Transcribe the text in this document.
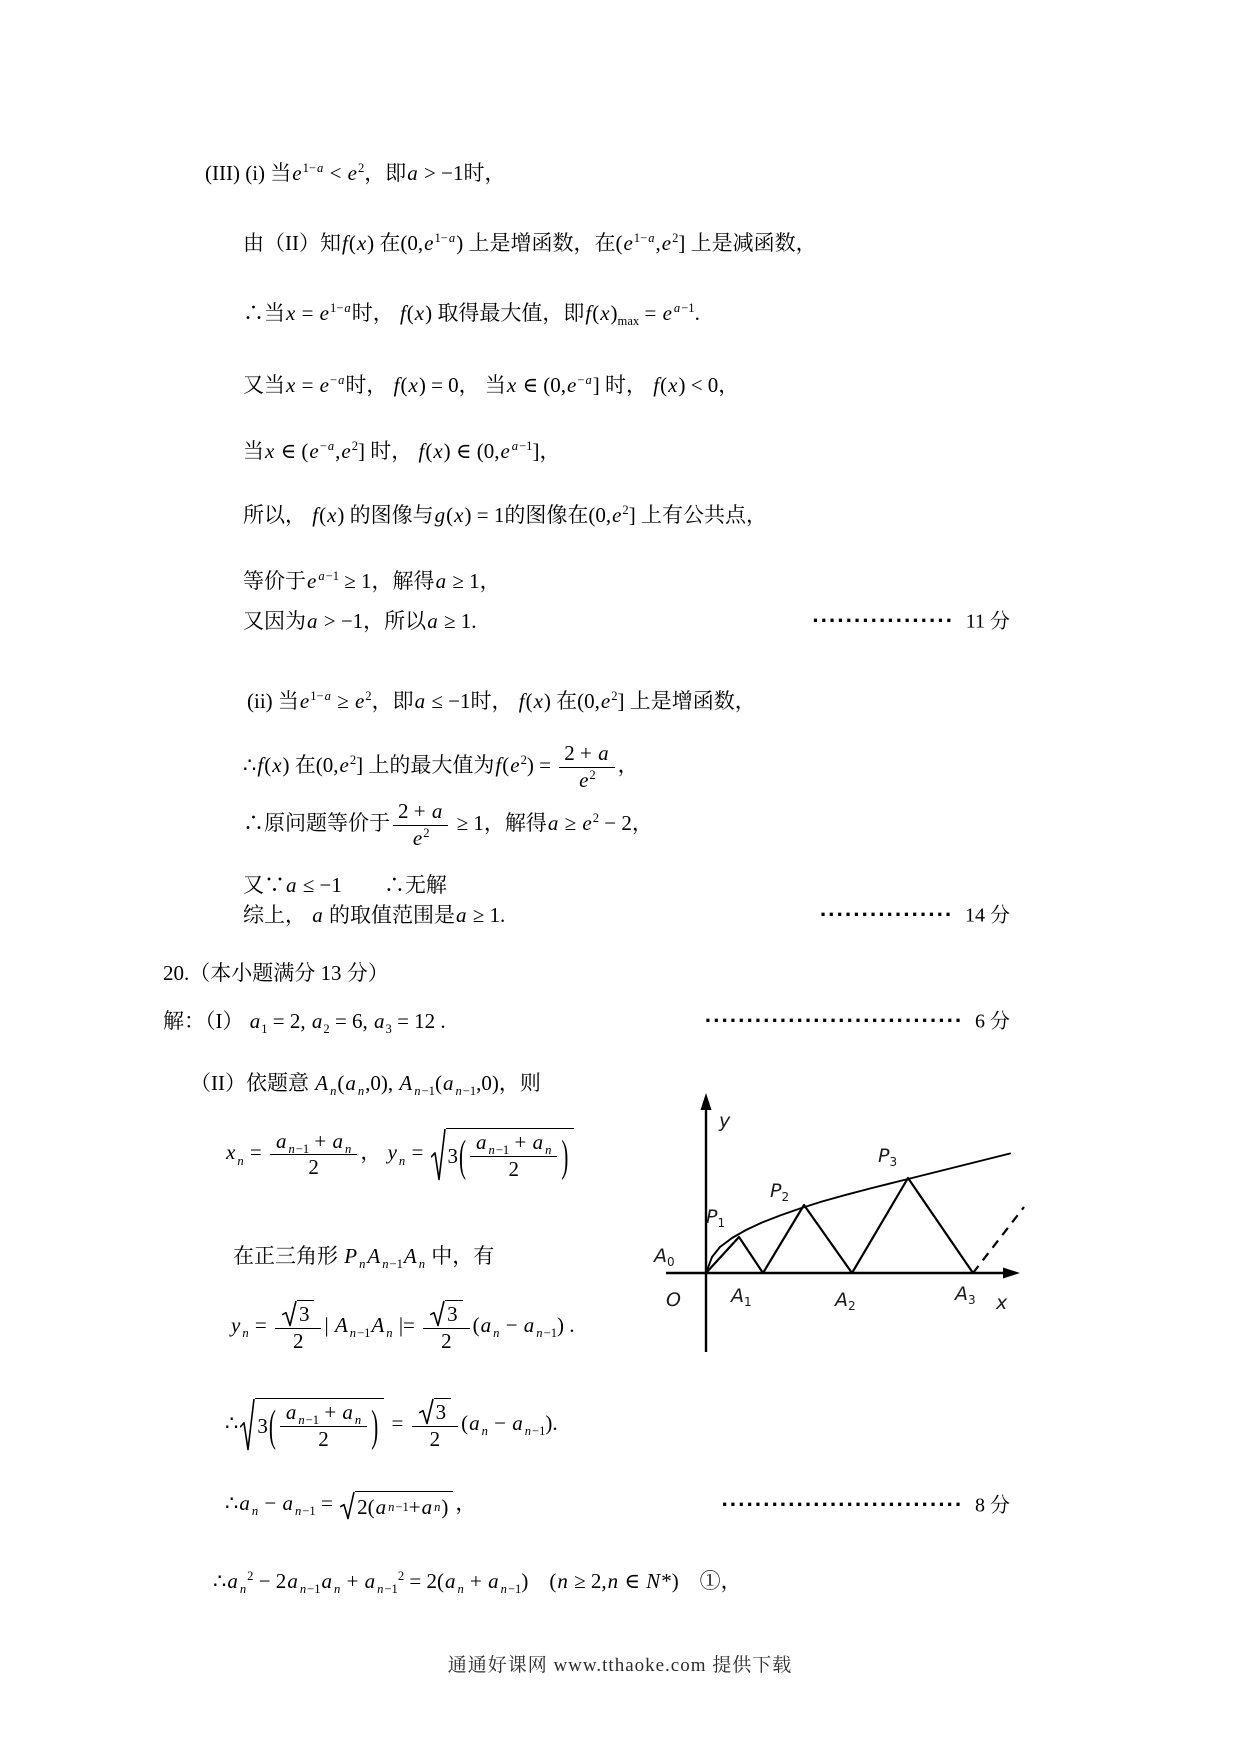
(III) (i) 当$e^{1-a} < e^2$，即a > −1时，
由（II）知f(x) 在$(0,e^{1-a})$ 上是增函数，在$(e^{1-a},e^2]$ 上是减函数，
∴当$x = e^{1-a}$时， f(x) 取得最大值，即$f(x)_{max} = e$ $^{a-1}$.
又当$x = e^{-a}$时， f(x) = 0， 当x ∈ $(0,e^{-a}]$ 时， f(x) < 0，
当x ∈ $(e^{-a},e^2]$ 时， f(x) ∈ (0,e $^{a-1}$]，
所以， f(x) 的图像与g(x) = 1的图像在$(0,e^2]$ 上有公共点，
等价于e $^{a-1}$ ≥ 1，解得a ≥ 1，
又因为a > −1，所以a ≥ 1.	················· 11 分
(ii) 当$e^{1-a} \ge e^2$，即a ≤ −1时， f(x) 在$(0,e^2]$ 上是增函数，
∴f(x) 在$(0,e^2]$ 上的最大值为$f(e^2) = \frac{2 + a}{e^2}$ ，
∴原问题等价于 $\frac{2 + a}{e^2} \ge 1$，解得$a \ge e^2 - 2$，
又∵a ≤ −1　　∴无解
综上， a 的取值范围是a ≥ 1.	················ 14 分
20.（本小题满分 13 分）
解：（I） $a_1 = 2$, $a_2 = 6$, $a_3 = 12$ .	······························· 6 分
（II）依题意 A $_n$(a $_n$,0), A $_{n-1}$(a $_{n-1}$,0)，则
x $_n = \frac{a _{n-1} + a _n}{2}$ ， y $_n$ = 3 ( $\frac{a _{n-1} + a _n}{2}$ )
在正三角形 P $_n$A $_{n-1}$A $_n$ 中，有
y $_n = \frac{3}{2}$ | A $_{n-1}$A $_n$ |= $\frac{3}{2} (a$ $_n$ − a $_{n-1}$) .
∴ 3 ( $\frac{a _{n-1} + a _n}{2}$ ) = $\frac{3}{2} (a$ $_n$ − a $_{n-1}$).
∴a $_n$ − a $_{n-1}$ = 2( a n−1 + a n ) ，	····························· 8 分
∴a $_n^2$ − 2a $_{n-1}$a $_n$ + a $_{n-1}^2$ = 2(a $_n$ + a $_{n-1}$)　(n ≥ 2,n ∈ N*)　①，
y
x
O
$A_0$
$A_1$	$A_2$
$A_3$
$P_1$
$P_2$
$P_3$
通通好课网 www.tthaoke.com 提供下载
